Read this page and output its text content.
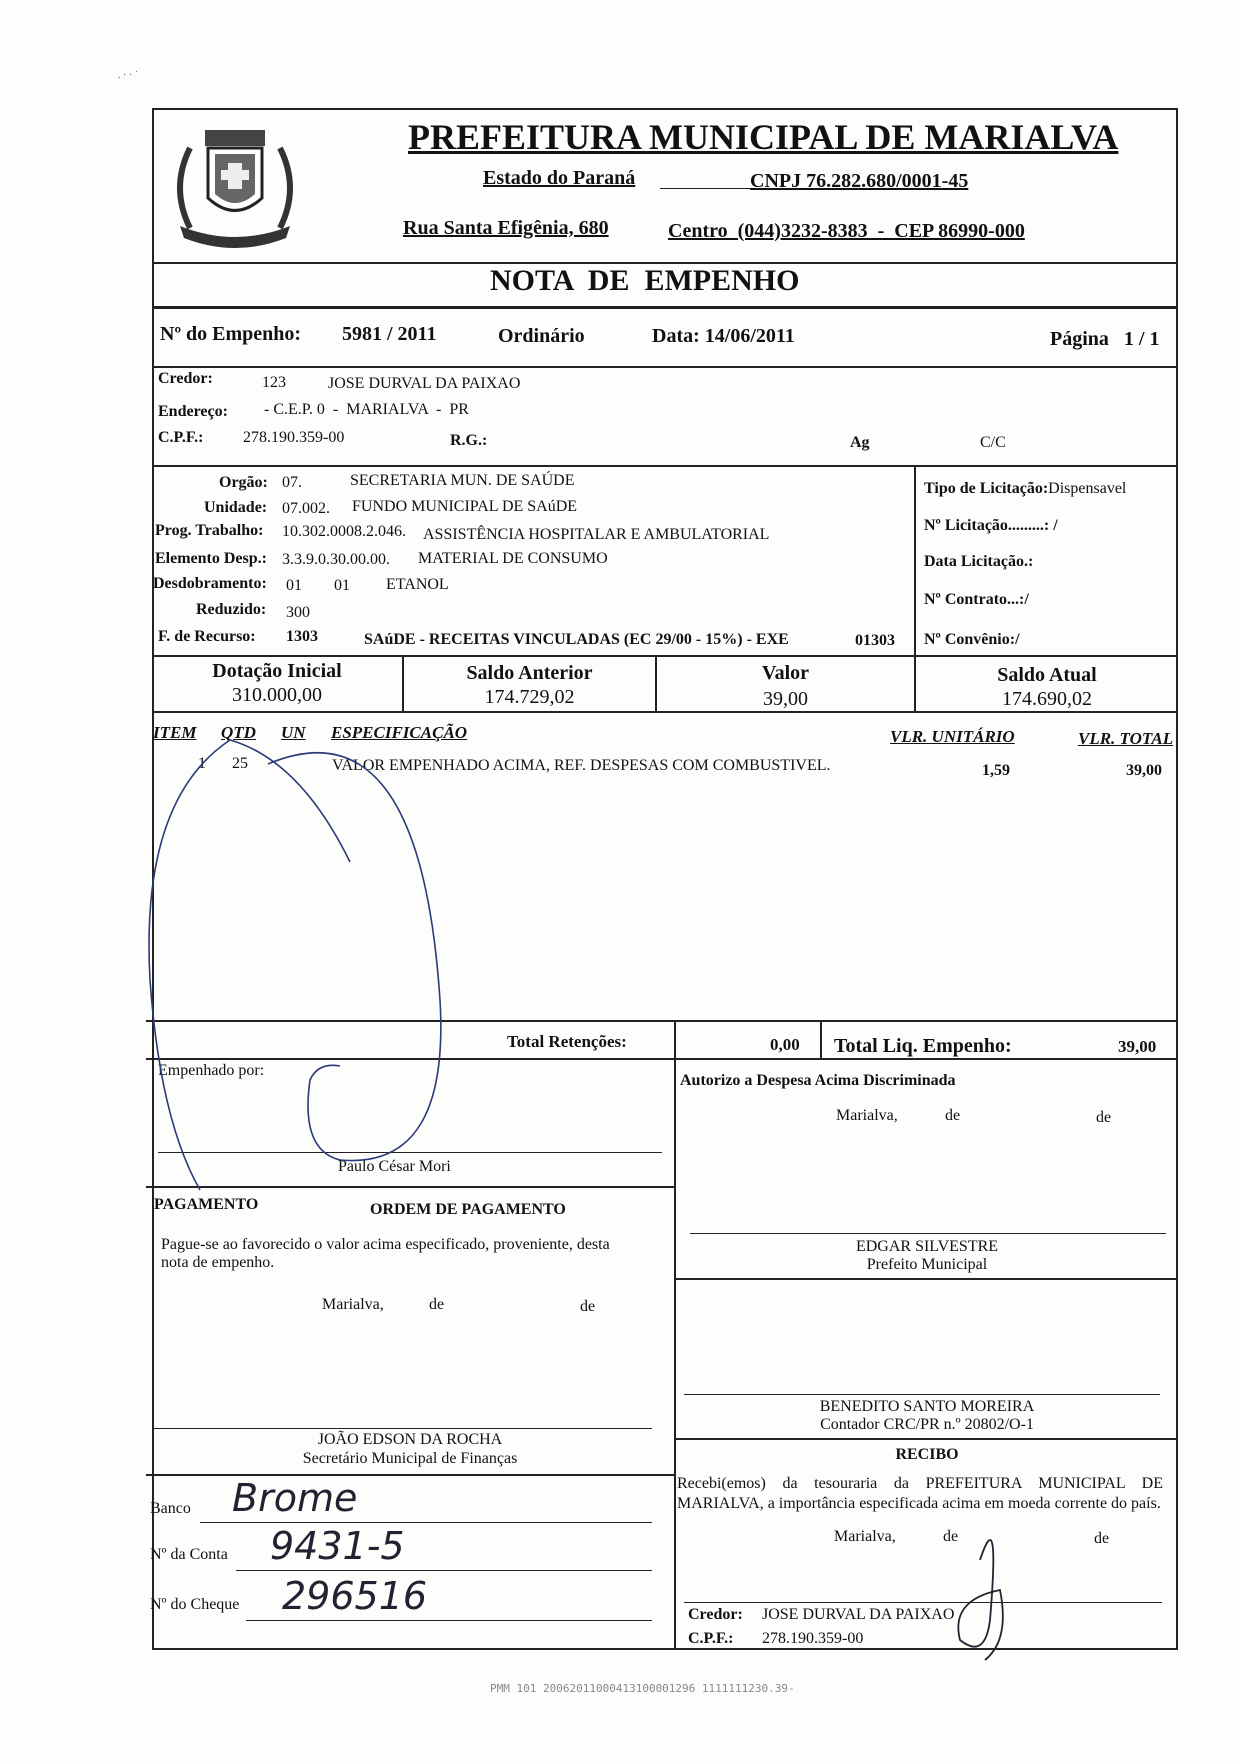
. · · ˙
MARIALVA
PREFEITURA MUNICIPAL DE MARIALVA
Estado do Paraná	CNPJ 76.282.680/0001-45
Rua Santa Efigênia, 680	Centro  (044)3232-8383  -  CEP 86990-000
NOTA  DE  EMPENHO
Nº do Empenho: 5981 / 2011	Ordinário	Data: 14/06/2011	Página   1 / 1
Credor:	123	JOSE DURVAL DA PAIXAO
Endereço: - C.E.P. 0  -  MARIALVA  -  PR
C.P.F.: 278.190.359-00	R.G.:	Ag	C/C
Orgão: 07.	SECRETARIA MUN. DE SAÚDE
Unidade: 07.002. FUNDO MUNICIPAL DE SAúDE
Prog. Trabalho: 10.302.0008.2.046. ASSISTÊNCIA HOSPITALAR E AMBULATORIAL
Elemento Desp.: 3.3.9.0.30.00.00. MATERIAL DE CONSUMO
Desdobramento: 01 01 ETANOL
Reduzido: 300
F. de Recurso: 1303	SAúDE - RECEITAS VINCULADAS (EC 29/00 - 15%) - EXE	01303
Tipo de Licitação:Dispensavel
Nº Licitação.........: /
Data Licitação.:
Nº Contrato...:/
Nº Convênio:/
Dotação Inicial
310.000,00
Saldo Anterior
174.729,02
Valor
39,00
Saldo Atual
174.690,02
ITEM QTD UN ESPECIFICAÇÃO	VLR. UNITÁRIO	VLR. TOTAL
1 25	VALOR EMPENHADO ACIMA, REF. DESPESAS COM COMBUSTIVEL.	1,59	39,00
Total Retenções:	0,00 Total Liq. Empenho:	39,00
Empenhado por:
Paulo César Mori
Autorizo a Despesa Acima Discriminada
Marialva,	de	de
EDGAR SILVESTRE
Prefeito Municipal
BENEDITO SANTO MOREIRA
Contador CRC/PR n.º 20802/O-1
PAGAMENTO	ORDEM DE PAGAMENTO
Pague-se ao favorecido o valor acima especificado, proveniente, desta nota de empenho.
Marialva,	de	de
JOÃO EDSON DA ROCHA
Secretário Municipal de Finanças
Banco Brome
Nº da Conta 9431-5
Nº do Cheque 296516
RECIBO
Recebi(emos) da tesouraria da PREFEITURA MUNICIPAL DE MARIALVA, a importância especificada acima em moeda corrente do país.
Marialva,	de	de
Credor: JOSE DURVAL DA PAIXAO
C.P.F.: 278.190.359-00
PMM 101 20062011000413100001296 1111111230.39-
